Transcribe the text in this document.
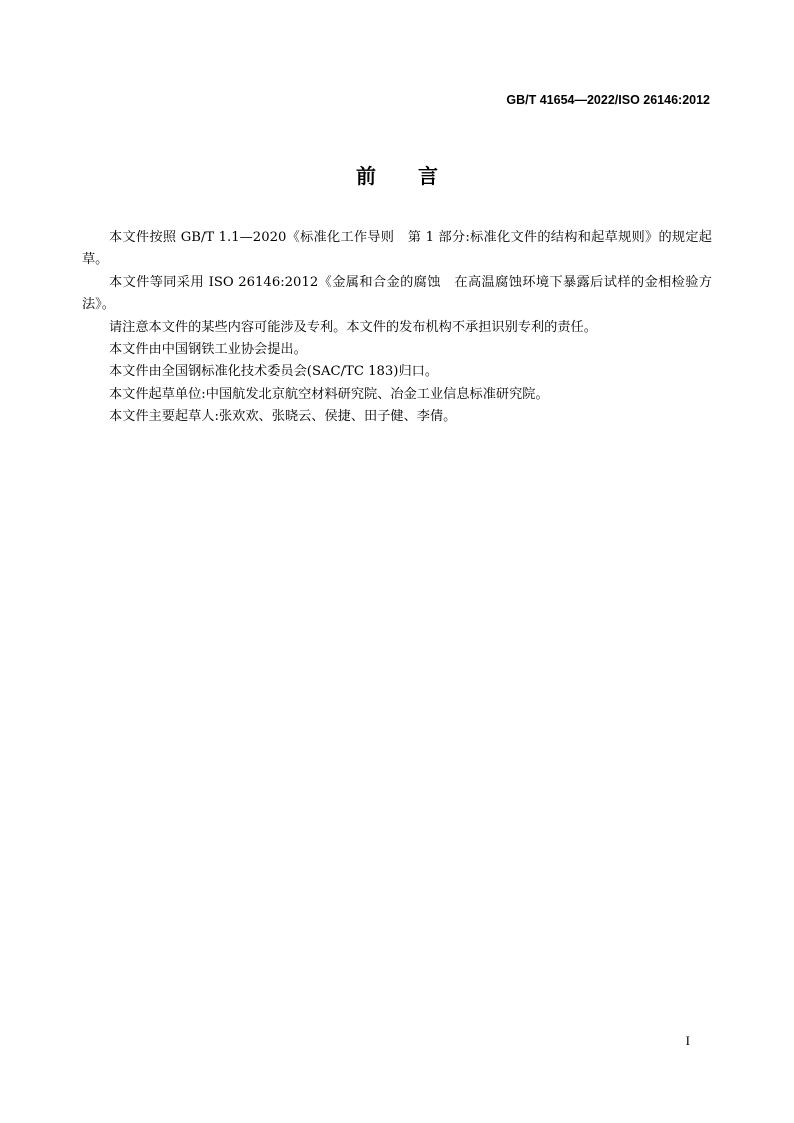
GB/T 41654—2022/ISO 26146:2012
前 言

本文件按照 GB/T 1.1—2020《标准化工作导则　第 1 部分:标准化文件的结构和起草规则》的规定起草。

本文件等同采用 ISO 26146:2012《金属和合金的腐蚀　在高温腐蚀环境下暴露后试样的金相检验方法》。

请注意本文件的某些内容可能涉及专利。本文件的发布机构不承担识别专利的责任。

本文件由中国钢铁工业协会提出。

本文件由全国钢标准化技术委员会(SAC/TC 183)归口。

本文件起草单位:中国航发北京航空材料研究院、冶金工业信息标准研究院。

本文件主要起草人:张欢欢、张晓云、侯捷、田子健、李倩。

I
